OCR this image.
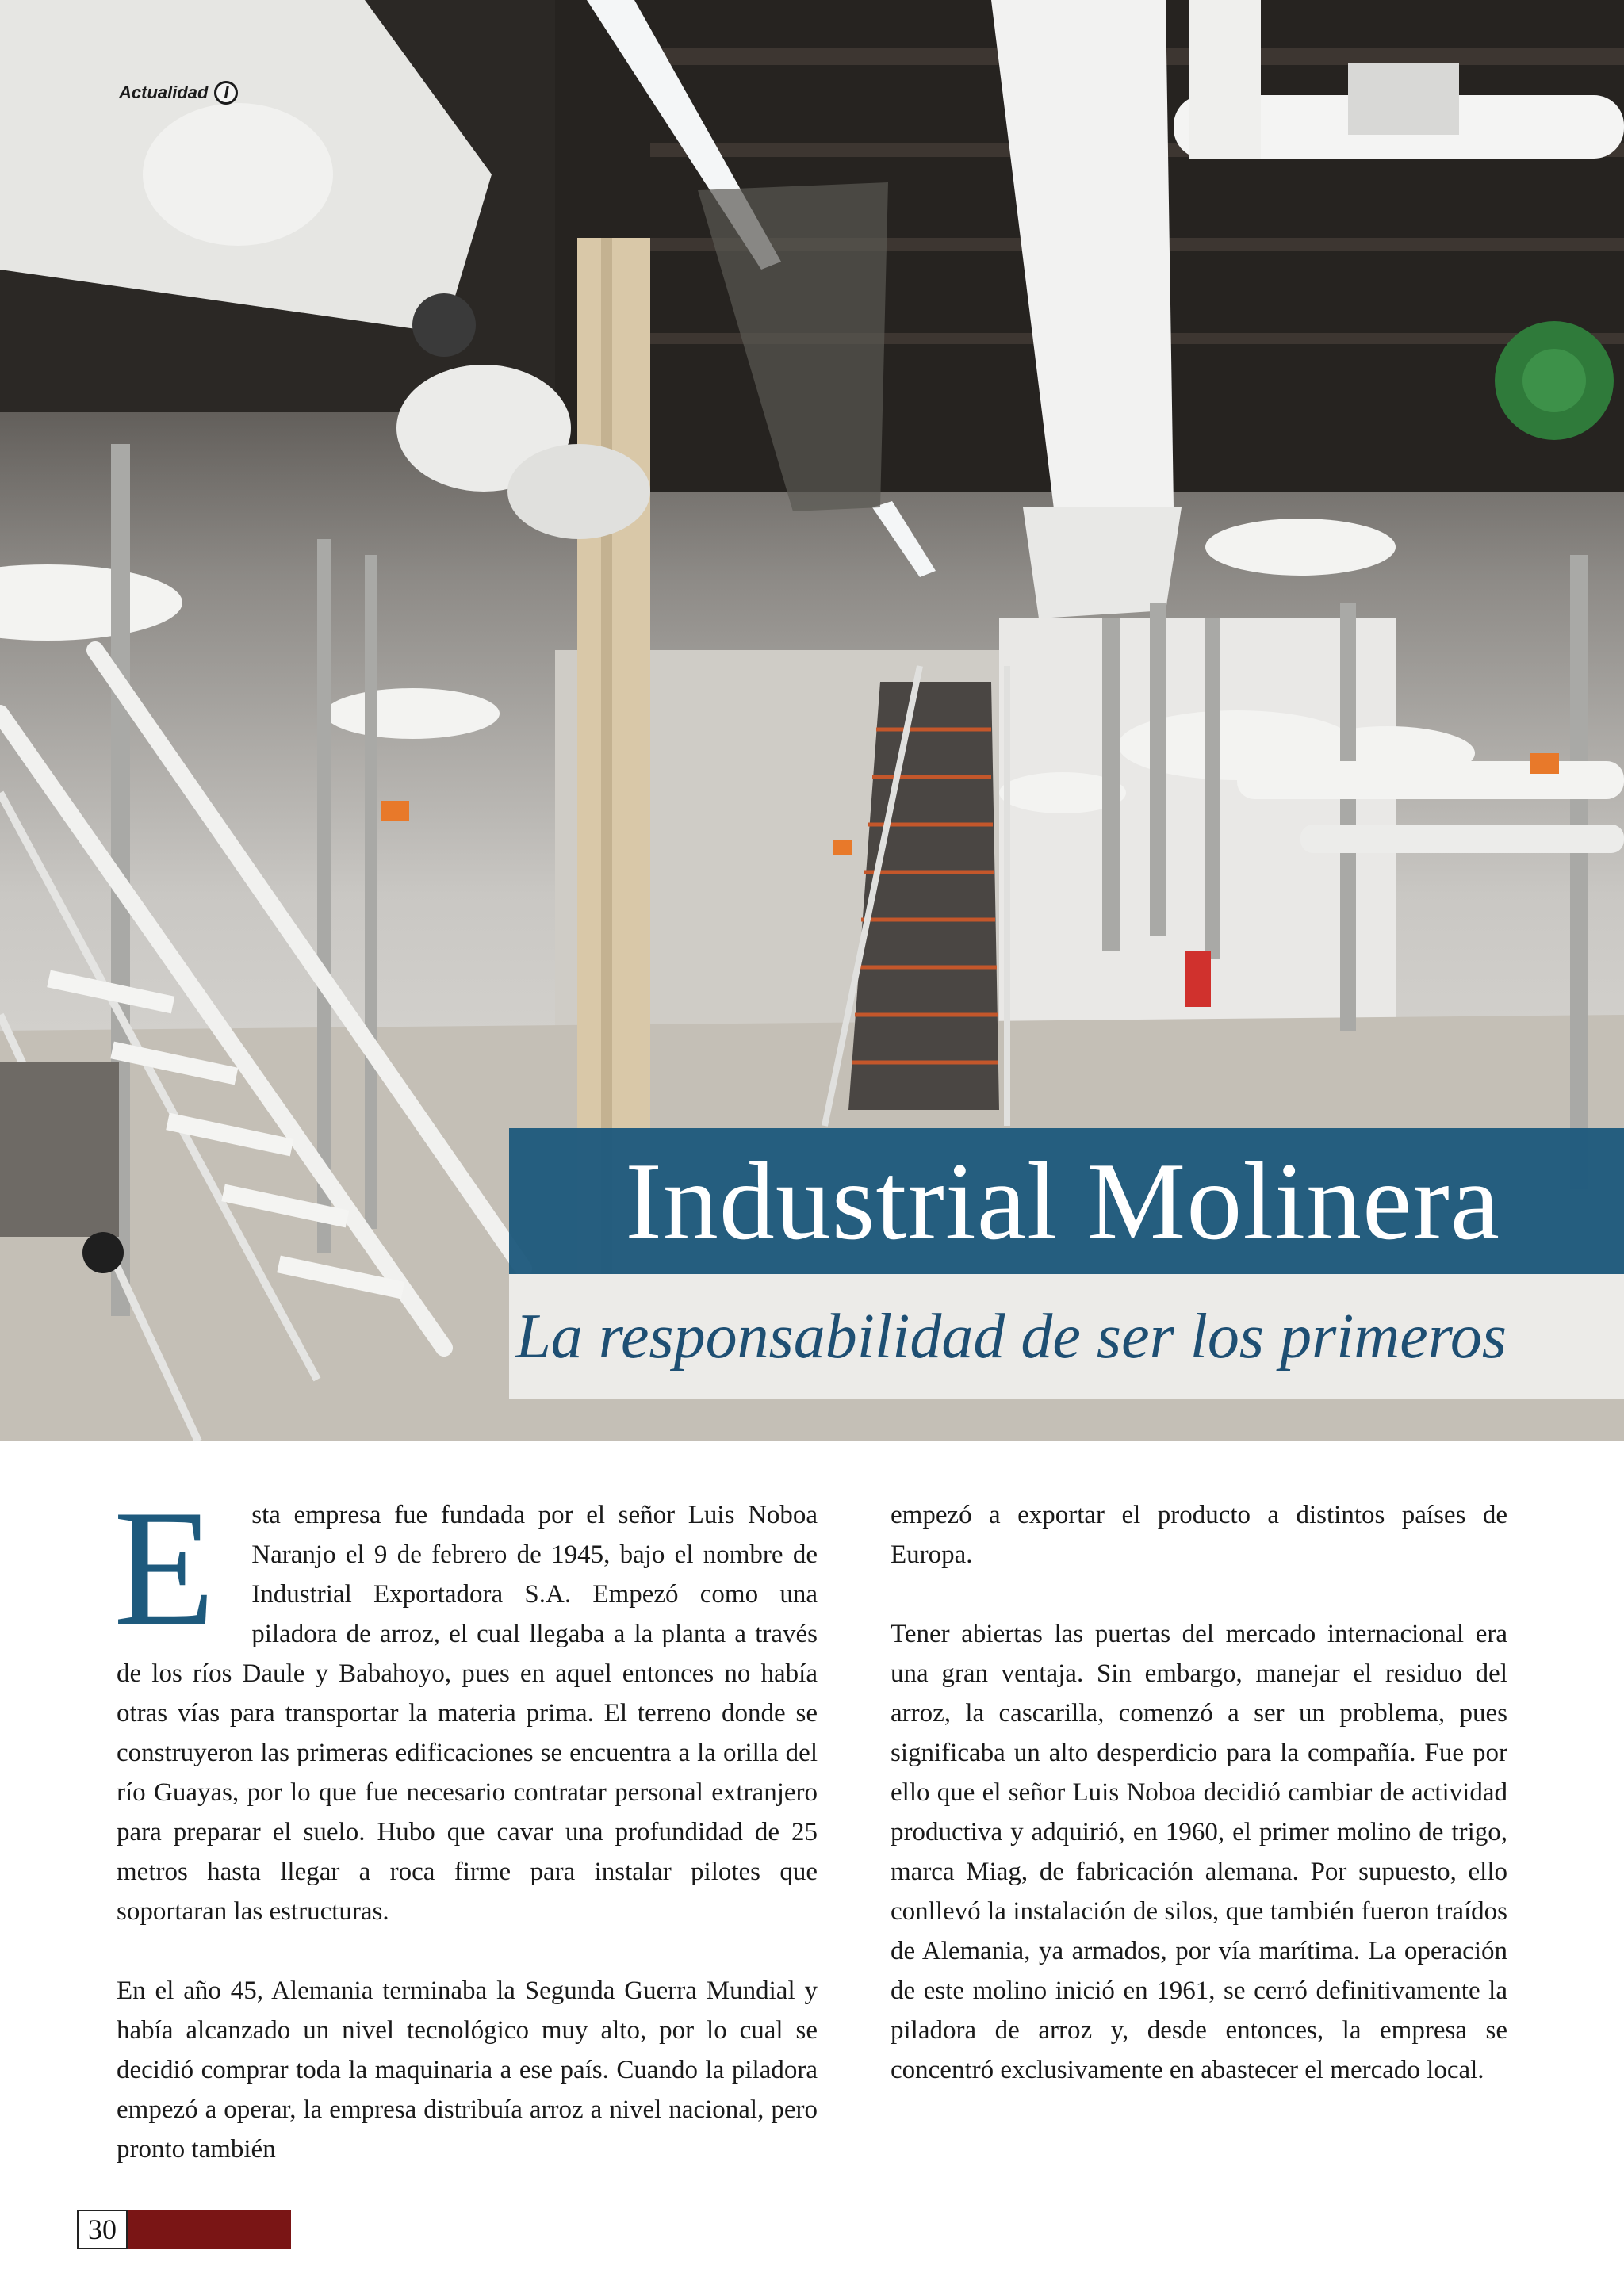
Actualidad I
Industrial Molinera
La responsabilidad de ser los primeros

E sta empresa fue fundada por el señor Luis Noboa Naranjo el 9 de febrero de 1945, bajo el nombre de Industrial Exportadora S.A. Empezó como una piladora de arroz, el cual llegaba a la planta a través de los ríos Daule y Babahoyo, pues en aquel entonces no había otras vías para transportar la materia prima. El terreno donde se construyeron las primeras edificaciones se encuentra a la orilla del río Guayas, por lo que fue necesario contratar personal extranjero para preparar el suelo. Hubo que cavar una profundidad de 25 metros hasta llegar a roca firme para instalar pilotes que soportaran las estructuras.

En el año 45, Alemania terminaba la Segunda Guerra Mundial y había alcanzado un nivel tecnológico muy alto, por lo cual se decidió comprar toda la maquinaria a ese país. Cuando la piladora empezó a operar, la empresa distribuía arroz a nivel nacional, pero pronto también

empezó a exportar el producto a distintos países de Europa.

Tener abiertas las puertas del mercado internacional era una gran ventaja. Sin embargo, manejar el residuo del arroz, la cascarilla, comenzó a ser un problema, pues significaba un alto desperdicio para la compañía. Fue por ello que el señor Luis Noboa decidió cambiar de actividad productiva y adquirió, en 1960, el primer molino de trigo, marca Miag, de fabricación alemana. Por supuesto, ello conllevó la instalación de silos, que también fueron traídos de Alemania, ya armados, por vía marítima. La operación de este molino inició en 1961, se cerró definitivamente la piladora de arroz y, desde entonces, la empresa se concentró exclusivamente en abastecer el mercado local.

30
